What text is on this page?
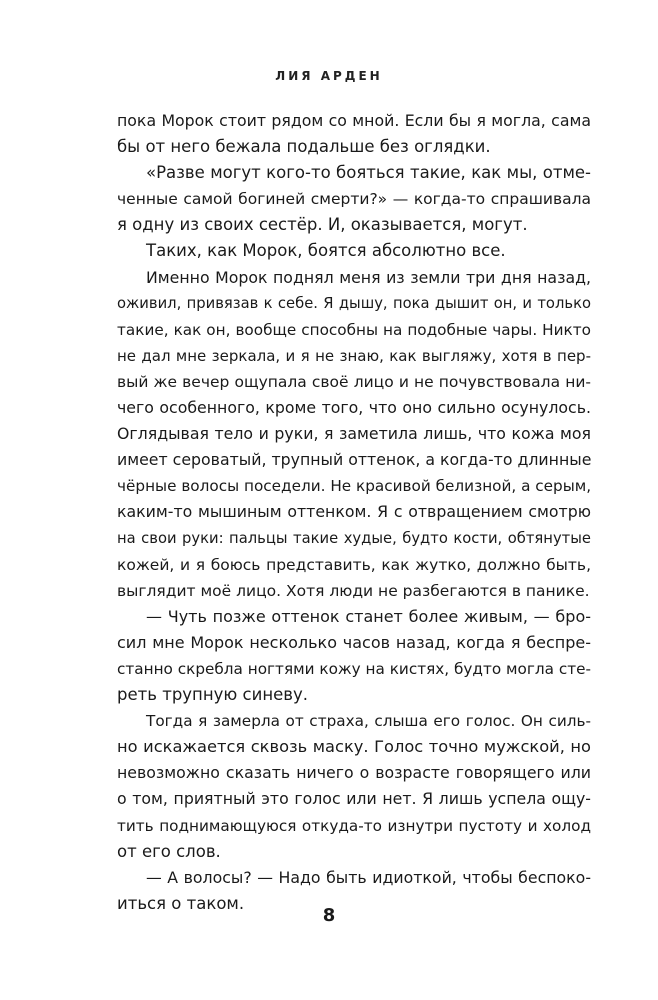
ЛИЯ АРДЕН
пока Морок стоит рядом со мной. Если бы я могла, сама
бы от него бежала подальше без оглядки.
«Разве могут кого-то бояться такие, как мы, отме-
ченные самой богиней смерти?» — когда-то спрашивала
я одну из своих сестёр. И, оказывается, могут.
Таких, как Морок, боятся абсолютно все.
Именно Морок поднял меня из земли три дня назад,
оживил, привязав к себе. Я дышу, пока дышит он, и только
такие, как он, вообще способны на подобные чары. Никто
не дал мне зеркала, и я не знаю, как выгляжу, хотя в пер-
вый же вечер ощупала своё лицо и не почувствовала ни-
чего особенного, кроме того, что оно сильно осунулось.
Оглядывая тело и руки, я заметила лишь, что кожа моя
имеет сероватый, трупный оттенок, а когда-то длинные
чёрные волосы поседели. Не красивой белизной, а серым,
каким-то мышиным оттенком. Я с отвращением смотрю
на свои руки: пальцы такие худые, будто кости, обтянутые
кожей, и я боюсь представить, как жутко, должно быть,
выглядит моё лицо. Хотя люди не разбегаются в панике.
— Чуть позже оттенок станет более живым, — бро-
сил мне Морок несколько часов назад, когда я беспре-
станно скребла ногтями кожу на кистях, будто могла сте-
реть трупную синеву.
Тогда я замерла от страха, слыша его голос. Он силь-
но искажается сквозь маску. Голос точно мужской, но
невозможно сказать ничего о возрасте говорящего или
о том, приятный это голос или нет. Я лишь успела ощу-
тить поднимающуюся откуда-то изнутри пустоту и холод
от его слов.
— А волосы? — Надо быть идиоткой, чтобы беспоко-
иться о таком.
8
